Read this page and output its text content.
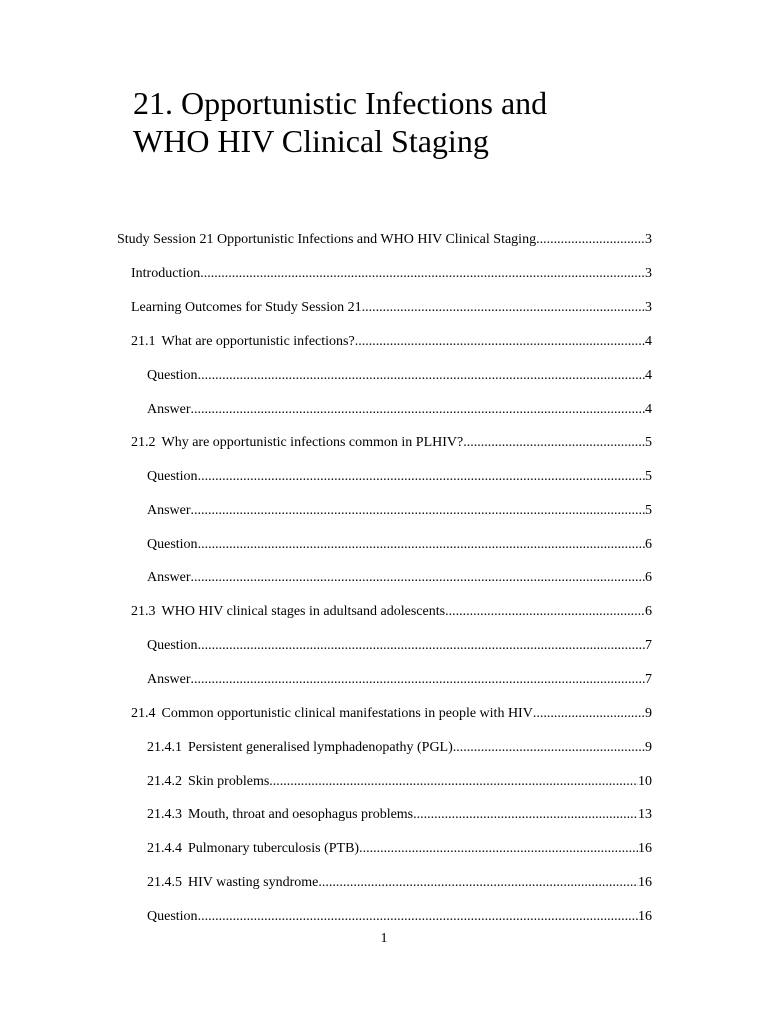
21. Opportunistic Infections and
WHO HIV Clinical Staging
Study Session 21 Opportunistic Infections and WHO HIV Clinical Staging .....	3
Introduction .....	3
Learning Outcomes for Study Session 21 .....	3
21.1 What are opportunistic infections? .....	4
Question .....	4
Answer .....	4
21.2 Why are opportunistic infections common in PLHIV? .....	5
Question .....	5
Answer .....	5
Question .....	6
Answer .....	6
21.3 WHO HIV clinical stages in adultsand adolescents .....	6
Question .....	7
Answer .....	7
21.4 Common opportunistic clinical manifestations in people with HIV .....	9
21.4.1 Persistent generalised lymphadenopathy (PGL) .....	9
21.4.2 Skin problems .....	10
21.4.3 Mouth, throat and oesophagus problems .....	13
21.4.4 Pulmonary tuberculosis (PTB) .....	16
21.4.5 HIV wasting syndrome .....	16
Question .....	16
1
